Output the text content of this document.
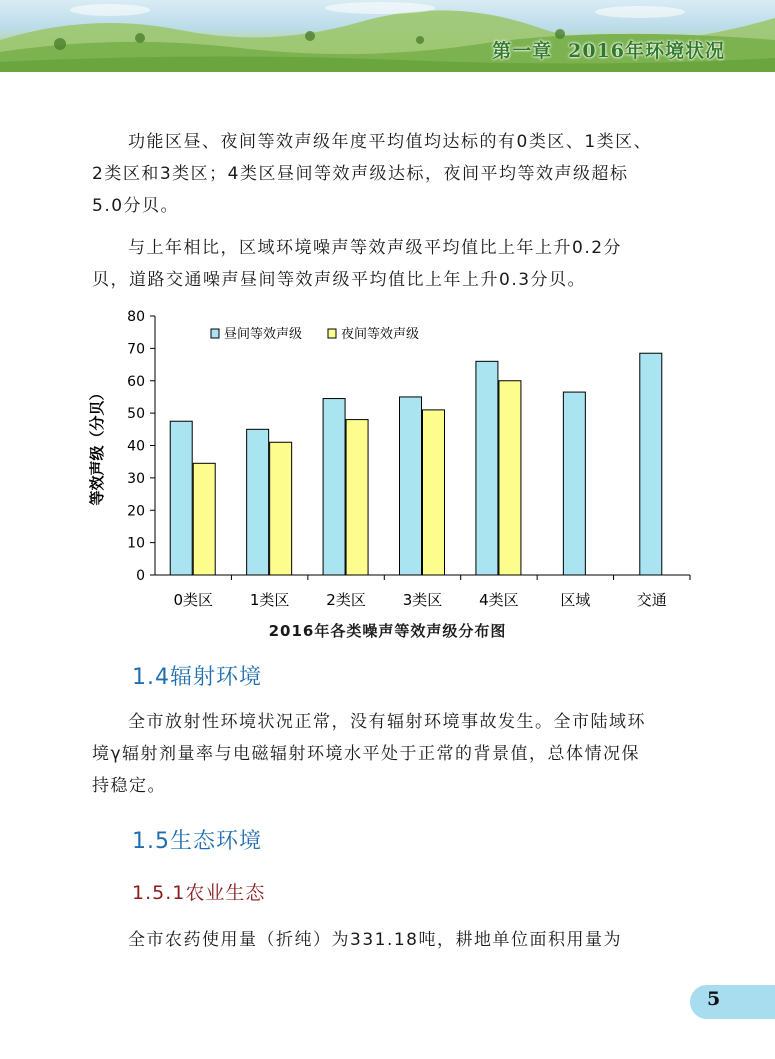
第一章 2016年环境状况
功能区昼、夜间等效声级年度平均值均达标的有0类区、1类区、
2类区和3类区；4类区昼间等效声级达标，夜间平均等效声级超标
5.0分贝。
与上年相比，区域环境噪声等效声级平均值比上年上升0.2分
贝，道路交通噪声昼间等效声级平均值比上年上升0.3分贝。
等效声级（分贝）
0
10
20
30
40
50
60
70
80
0类区 1类区 2类区 3类区 4类区	区域	交通
昼间等效声级	夜间等效声级
2016年各类噪声等效声级分布图
1.4辐射环境
全市放射性环境状况正常，没有辐射环境事故发生。全市陆域环
境γ辐射剂量率与电磁辐射环境水平处于正常的背景值，总体情况保
持稳定。
1.5生态环境
1.5.1农业生态
全市农药使用量（折纯）为331.18吨，耕地单位面积用量为
5
